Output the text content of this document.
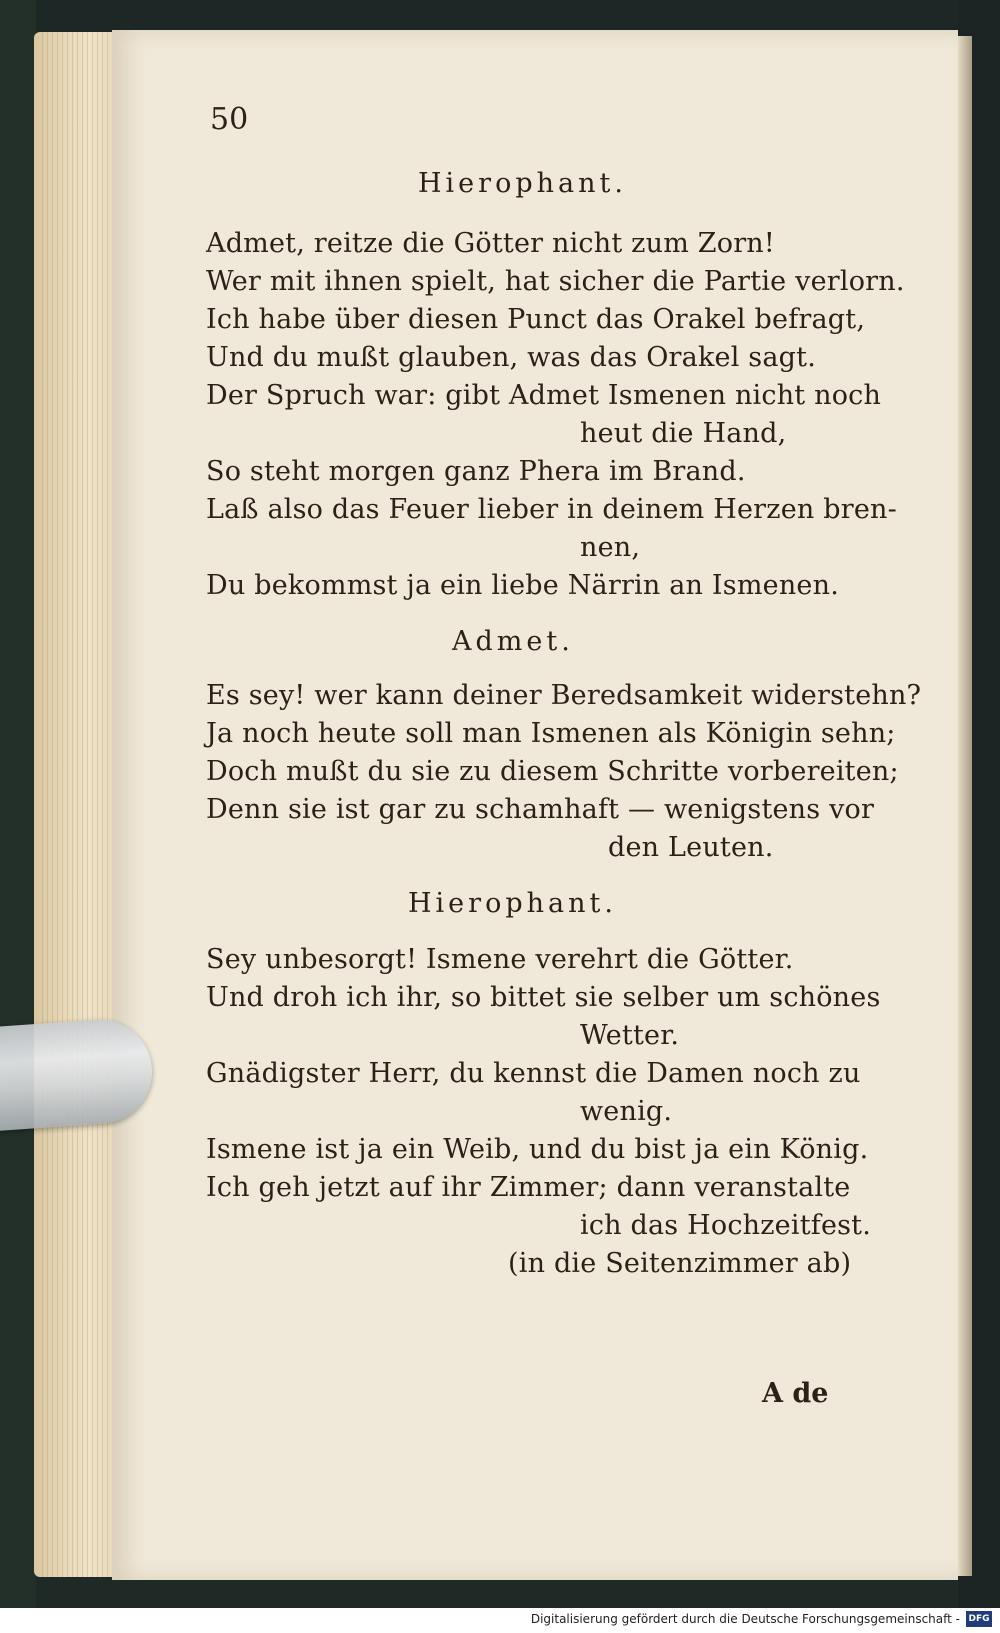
50
Hierophant.
Admet, reitze die Götter nicht zum Zorn!
Wer mit ihnen spielt, hat sicher die Partie verlorn.
Ich habe über diesen Punct das Orakel befragt,
Und du mußt glauben, was das Orakel sagt.
Der Spruch war: gibt Admet Ismenen nicht noch
heut die Hand,
So steht morgen ganz Phera im Brand.
Laß also das Feuer lieber in deinem Herzen bren-
nen,
Du bekommst ja ein liebe Närrin an Ismenen.
Admet.
Es sey! wer kann deiner Beredsamkeit widerstehn?
Ja noch heute soll man Ismenen als Königin sehn;
Doch mußt du sie zu diesem Schritte vorbereiten;
Denn sie ist gar zu schamhaft — wenigstens vor
den Leuten.
Hierophant.
Sey unbesorgt! Ismene verehrt die Götter.
Und droh ich ihr, so bittet sie selber um schönes
Wetter.
Gnädigster Herr, du kennst die Damen noch zu
wenig.
Ismene ist ja ein Weib, und du bist ja ein König.
Ich geh jetzt auf ihr Zimmer; dann veranstalte
ich das Hochzeitfest.
(in die Seitenzimmer ab)
A de
Digitalisierung gefördert durch die Deutsche Forschungsgemeinschaft - DFG
